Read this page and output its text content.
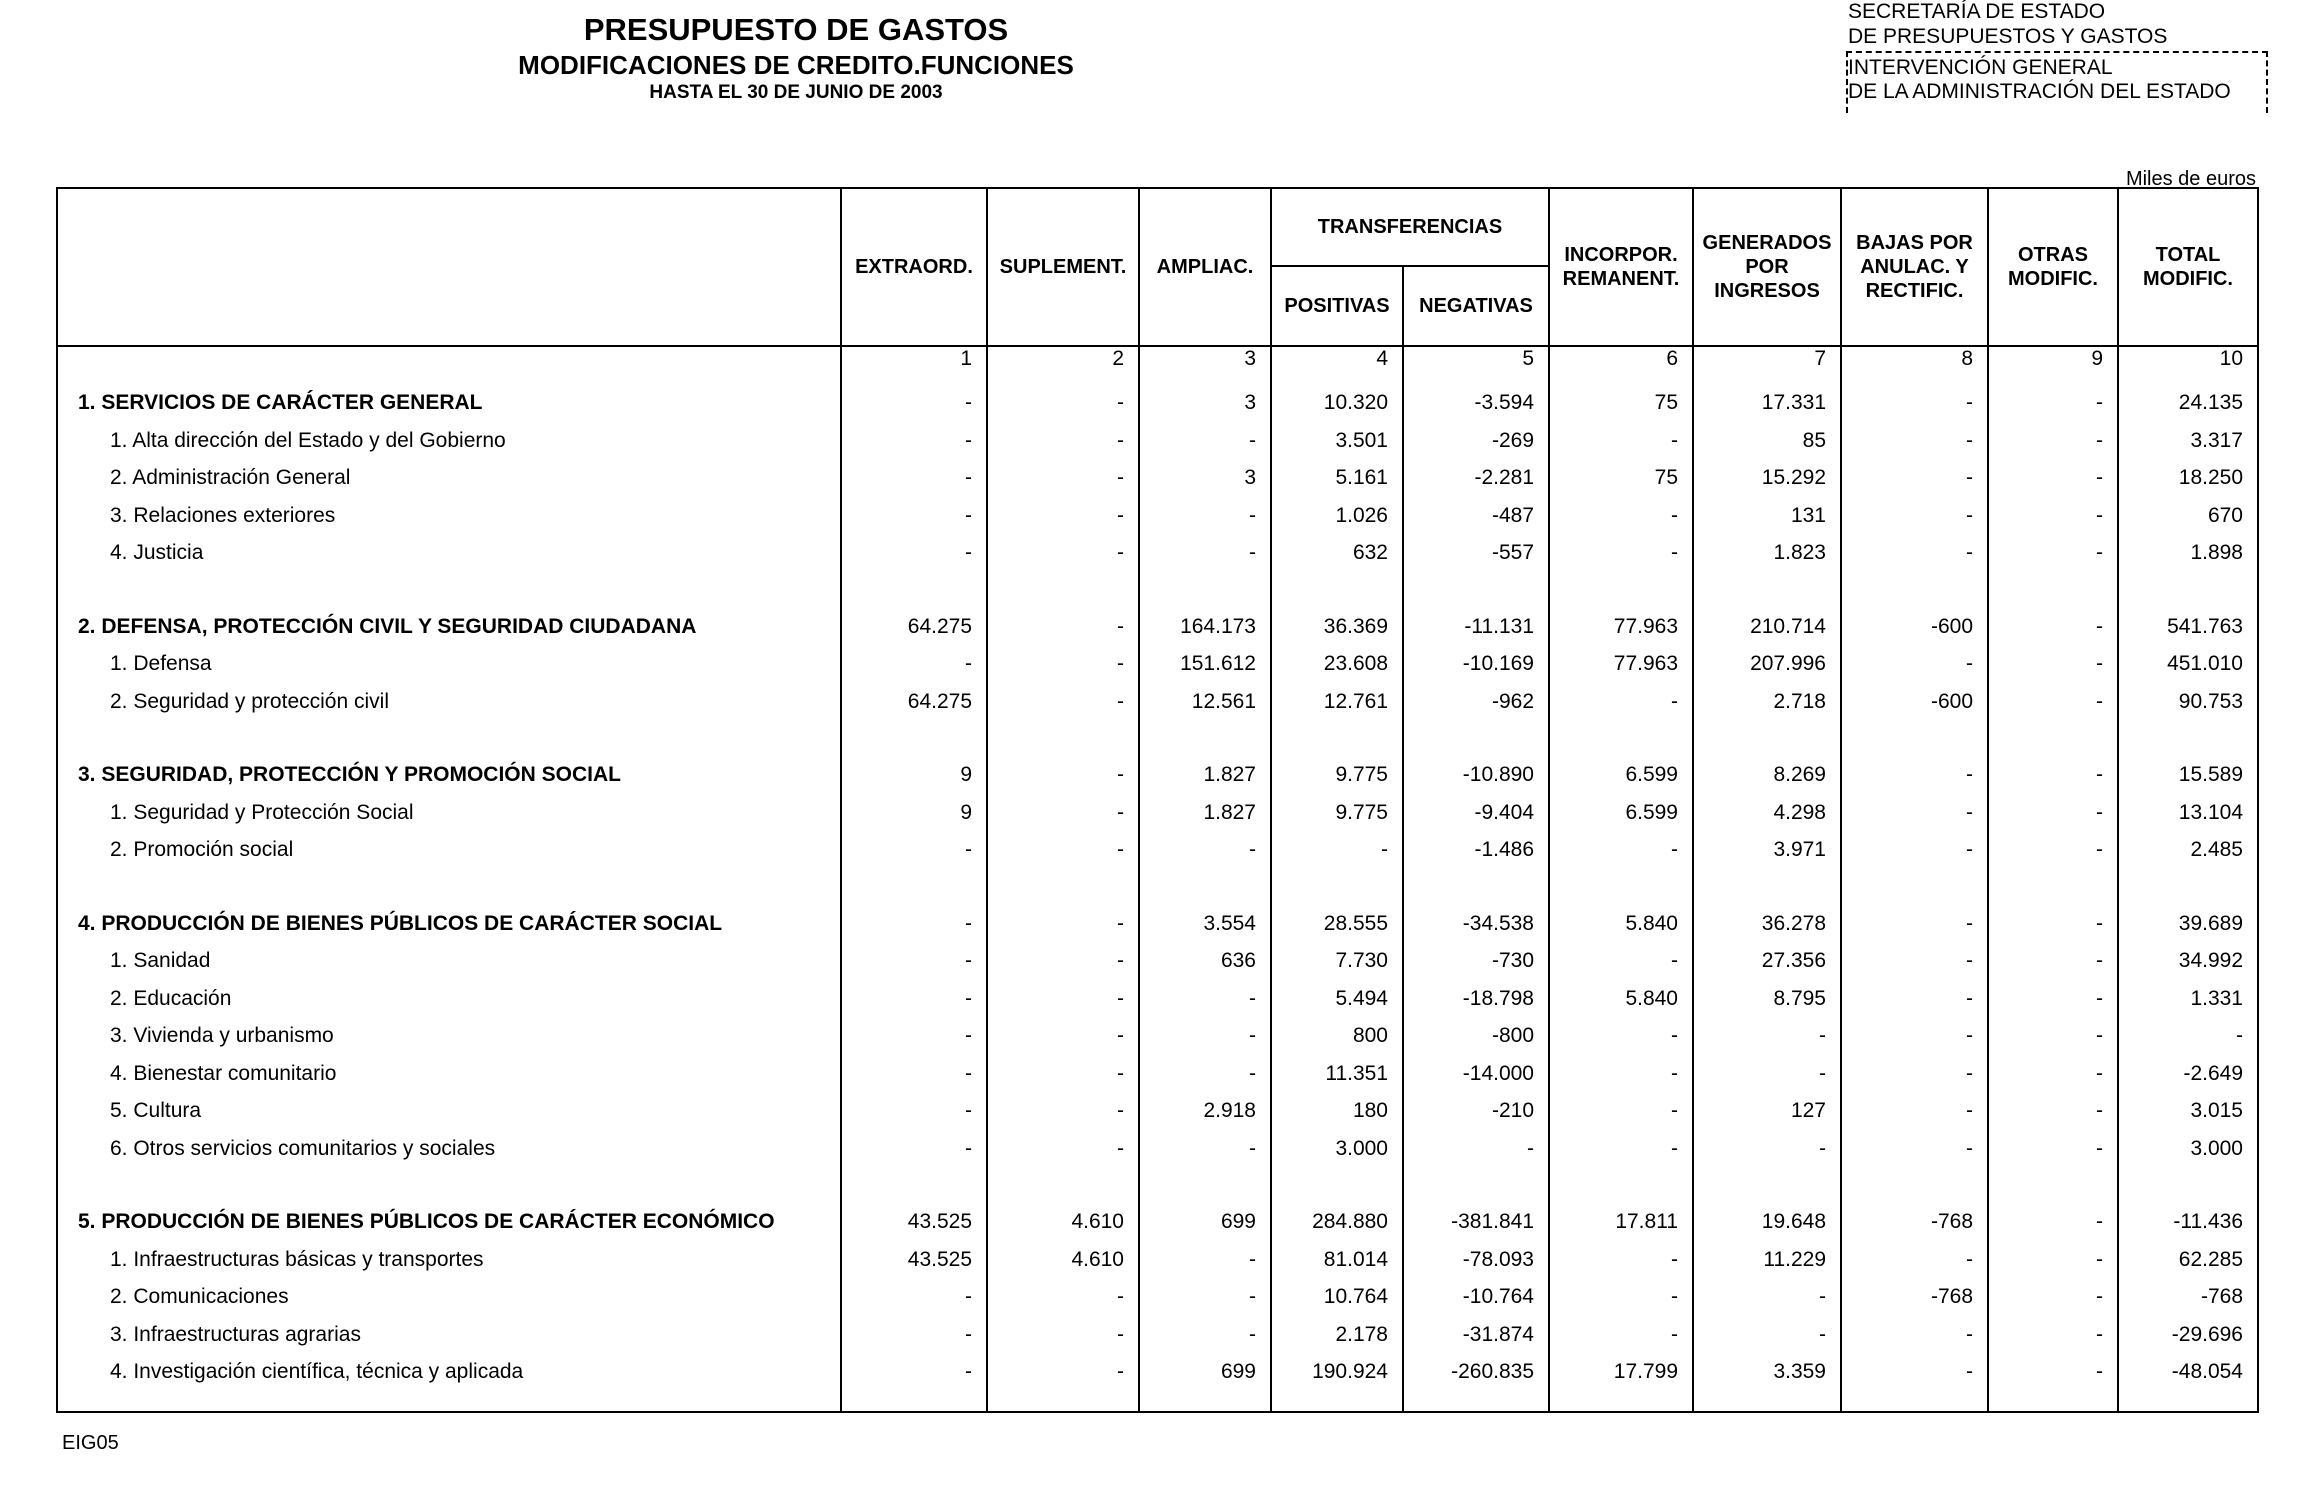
PRESUPUESTO DE GASTOS
MODIFICACIONES DE CREDITO.FUNCIONES
HASTA EL 30 DE JUNIO DE 2003
SECRETARÍA DE ESTADO
DE PRESUPUESTOS Y GASTOS
INTERVENCIÓN GENERAL
DE LA ADMINISTRACIÓN DEL ESTADO
Miles de euros
	EXTRAORD.	SUPLEMENT.	AMPLIAC.	TRANSFERENCIAS		INCORPOR.
REMANENT.	GENERADOS
POR
INGRESOS	BAJAS POR
ANULAC. Y
RECTIFIC.	OTRAS
MODIFIC.	TOTAL
MODIFIC.
				POSITIVAS	NEGATIVAS					
	1	2	3	4	5	6	7	8	9	10
1. SERVICIOS DE CARÁCTER GENERAL	-	-	3	10.320	-3.594	75	17.331	-	-	24.135
1. Alta dirección del Estado y del Gobierno	-	-	-	3.501	-269	-	85	-	-	3.317
2. Administración General	-	-	3	5.161	-2.281	75	15.292	-	-	18.250
3. Relaciones exteriores	-	-	-	1.026	-487	-	131	-	-	670
4. Justicia	-	-	-	632	-557	-	1.823	-	-	1.898

2. DEFENSA, PROTECCIÓN CIVIL Y SEGURIDAD CIUDADANA	64.275	-	164.173	36.369	-11.131	77.963	210.714	-600	-	541.763
1. Defensa	-	-	151.612	23.608	-10.169	77.963	207.996	-	-	451.010
2. Seguridad y protección civil	64.275	-	12.561	12.761	-962	-	2.718	-600	-	90.753

3. SEGURIDAD, PROTECCIÓN Y PROMOCIÓN SOCIAL	9	-	1.827	9.775	-10.890	6.599	8.269	-	-	15.589
1. Seguridad y Protección Social	9	-	1.827	9.775	-9.404	6.599	4.298	-	-	13.104
2. Promoción social	-	-	-	-	-1.486	-	3.971	-	-	2.485

4. PRODUCCIÓN DE BIENES PÚBLICOS DE CARÁCTER SOCIAL	-	-	3.554	28.555	-34.538	5.840	36.278	-	-	39.689
1. Sanidad	-	-	636	7.730	-730	-	27.356	-	-	34.992
2. Educación	-	-	-	5.494	-18.798	5.840	8.795	-	-	1.331
3. Vivienda y urbanismo	-	-	-	800	-800	-	-	-	-	-
4. Bienestar comunitario	-	-	-	11.351	-14.000	-	-	-	-	-2.649
5. Cultura	-	-	2.918	180	-210	-	127	-	-	3.015
6. Otros servicios comunitarios y sociales	-	-	-	3.000	-	-	-	-	-	3.000

5. PRODUCCIÓN DE BIENES PÚBLICOS DE CARÁCTER ECONÓMICO	43.525	4.610	699	284.880	-381.841	17.811	19.648	-768	-	-11.436
1. Infraestructuras básicas y transportes	43.525	4.610	-	81.014	-78.093	-	11.229	-	-	62.285
2. Comunicaciones	-	-	-	10.764	-10.764	-	-	-768	-	-768
3. Infraestructuras agrarias	-	-	-	2.178	-31.874	-	-	-	-	-29.696
4. Investigación científica, técnica y aplicada	-	-	699	190.924	-260.835	17.799	3.359	-	-	-48.054

EIG05
